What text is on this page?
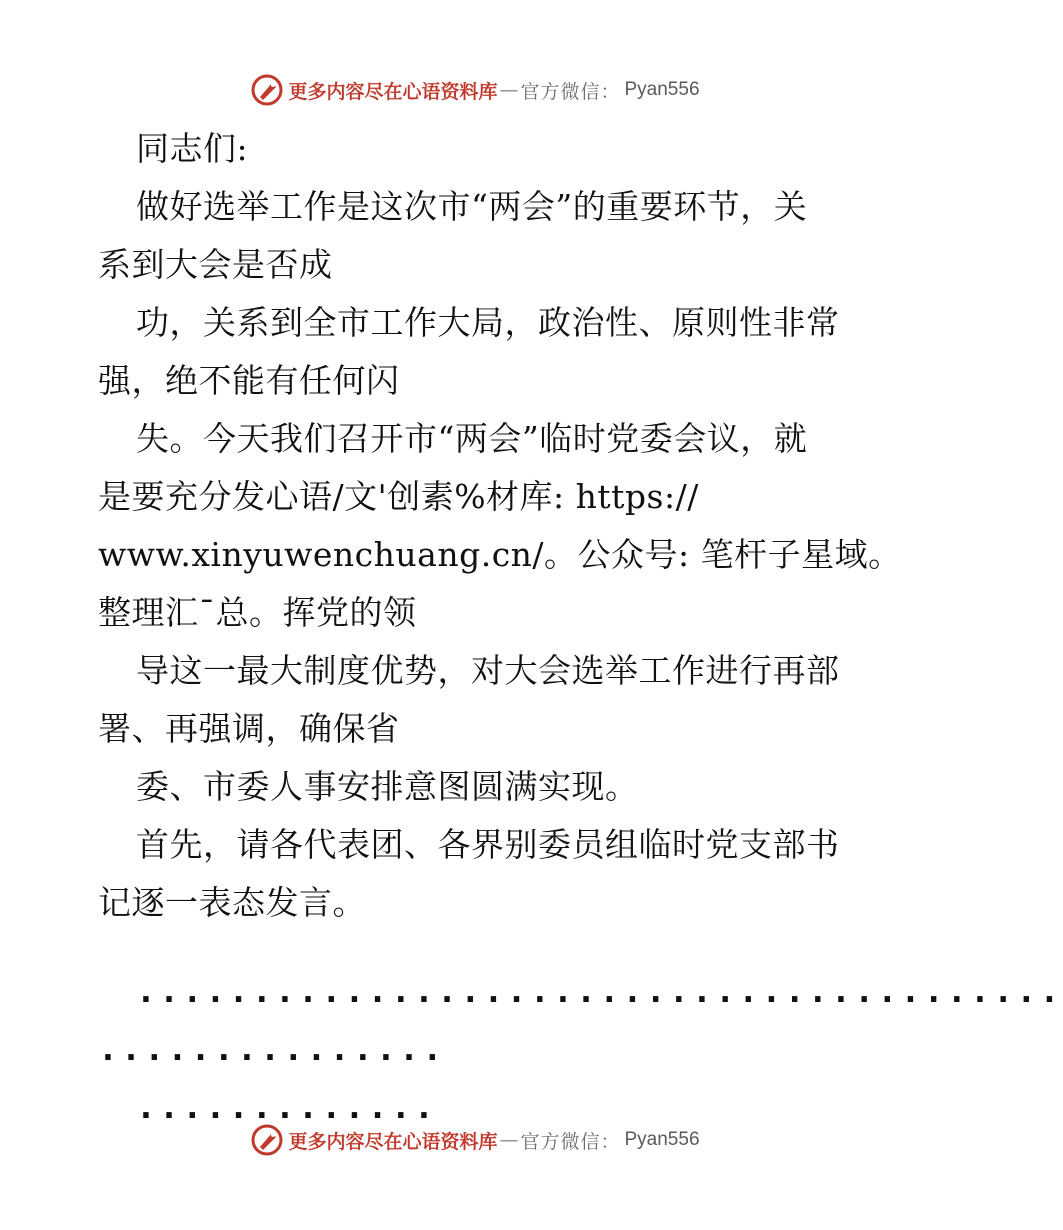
更多内容尽在心语资料库 — 官方微信： Pyan556
同志们:
做好选举工作是这次市“两会”的重要环节，关
系到大会是否成
功，关系到全市工作大局，政治性、原则性非常
强，绝不能有任何闪
失。今天我们召开市“两会”临时党委会议，就
是要充分发心语/文'创素%材库: https://
www.xinyuwenchuang.cn/。公众号: 笔杆子星域。
整理汇¯总。挥党的领
导这一最大制度优势，对大会选举工作进行再部
署、再强调，确保省
委、市委人事安排意图圆满实现。
首先，请各代表团、各界别委员组临时党支部书
记逐一表态发言。
........................................
...............
.............
更多内容尽在心语资料库 — 官方微信： Pyan556
